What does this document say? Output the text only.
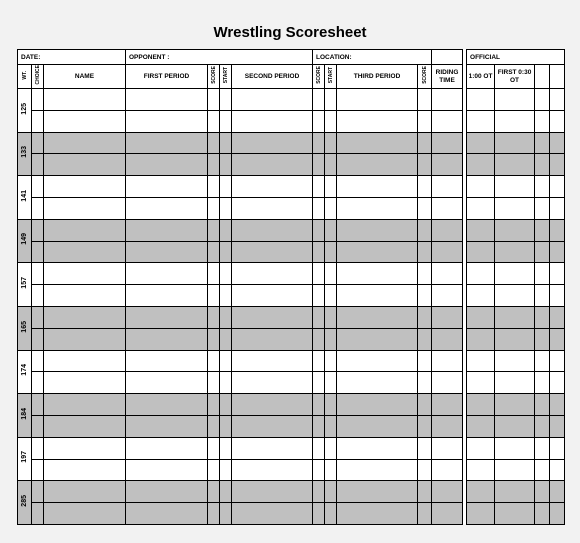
Wrestling Scoresheet
DATE:			OPPONENT :				LOCATION:						OFFICIAL			
WT.	CHOICE	NAME	FIRST PERIOD	SCORE	START	SECOND PERIOD	SCORE	START	THIRD PERIOD	SCORE	RIDING TIME		1:00 OT	FIRST 0:30 OT		
125																

133																

141																

149																

157																

165																

174																

184																

197																

285																
